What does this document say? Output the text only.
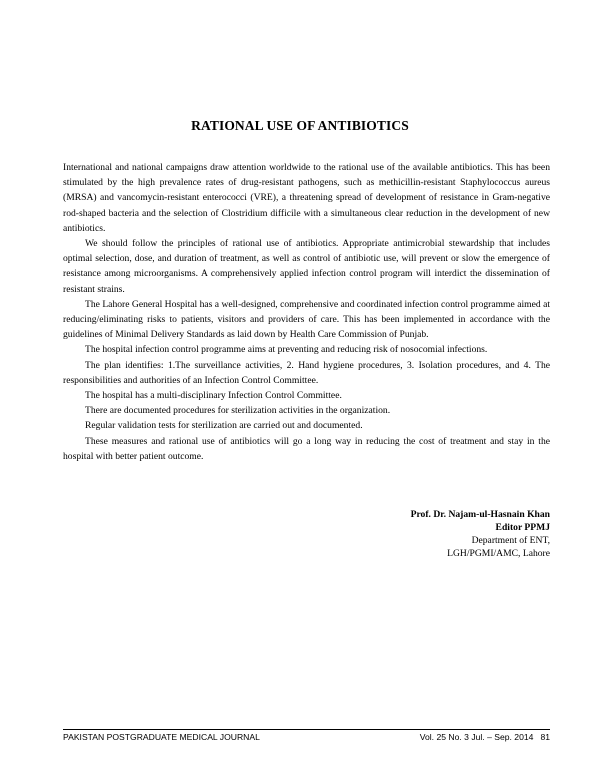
RATIONAL USE OF ANTIBIOTICS

International and national campaigns draw attention worldwide to the rational use of the available antibiotics. This has been stimulated by the high prevalence rates of drug-resistant pathogens, such as methicillin-resistant Staphylococcus aureus (MRSA) and vancomycin-resistant enterococci (VRE), a threatening spread of development of resistance in Gram-negative rod-shaped bacteria and the selection of Clostridium difficile with a simultaneous clear reduction in the development of new antibiotics.

We should follow the principles of rational use of antibiotics. Appropriate antimicrobial stewardship that includes optimal selection, dose, and duration of treatment, as well as control of antibiotic use, will prevent or slow the emergence of resistance among microorganisms. A comprehensively applied infection control program will interdict the dissemination of resistant strains.

The Lahore General Hospital has a well-designed, comprehensive and coordinated infection control programme aimed at reducing/eliminating risks to patients, visitors and providers of care. This has been implemented in accordance with the guidelines of Minimal Delivery Standards as laid down by Health Care Commission of Punjab.

The hospital infection control programme aims at preventing and reducing risk of nosocomial infections.

The plan identifies: 1.The surveillance activities, 2. Hand hygiene procedures, 3. Isolation procedures, and 4. The responsibilities and authorities of an Infection Control Committee.

The hospital has a multi-disciplinary Infection Control Committee.

There are documented procedures for sterilization activities in the organization.

Regular validation tests for sterilization are carried out and documented.

These measures and rational use of antibiotics will go a long way in reducing the cost of treatment and stay in the hospital with better patient outcome.

Prof. Dr. Najam-ul-Hasnain Khan
Editor PPMJ
Department of ENT,
LGH/PGMI/AMC, Lahore
PAKISTAN POSTGRADUATE MEDICAL JOURNAL	Vol. 25 No. 3 Jul. – Sep. 2014 81
